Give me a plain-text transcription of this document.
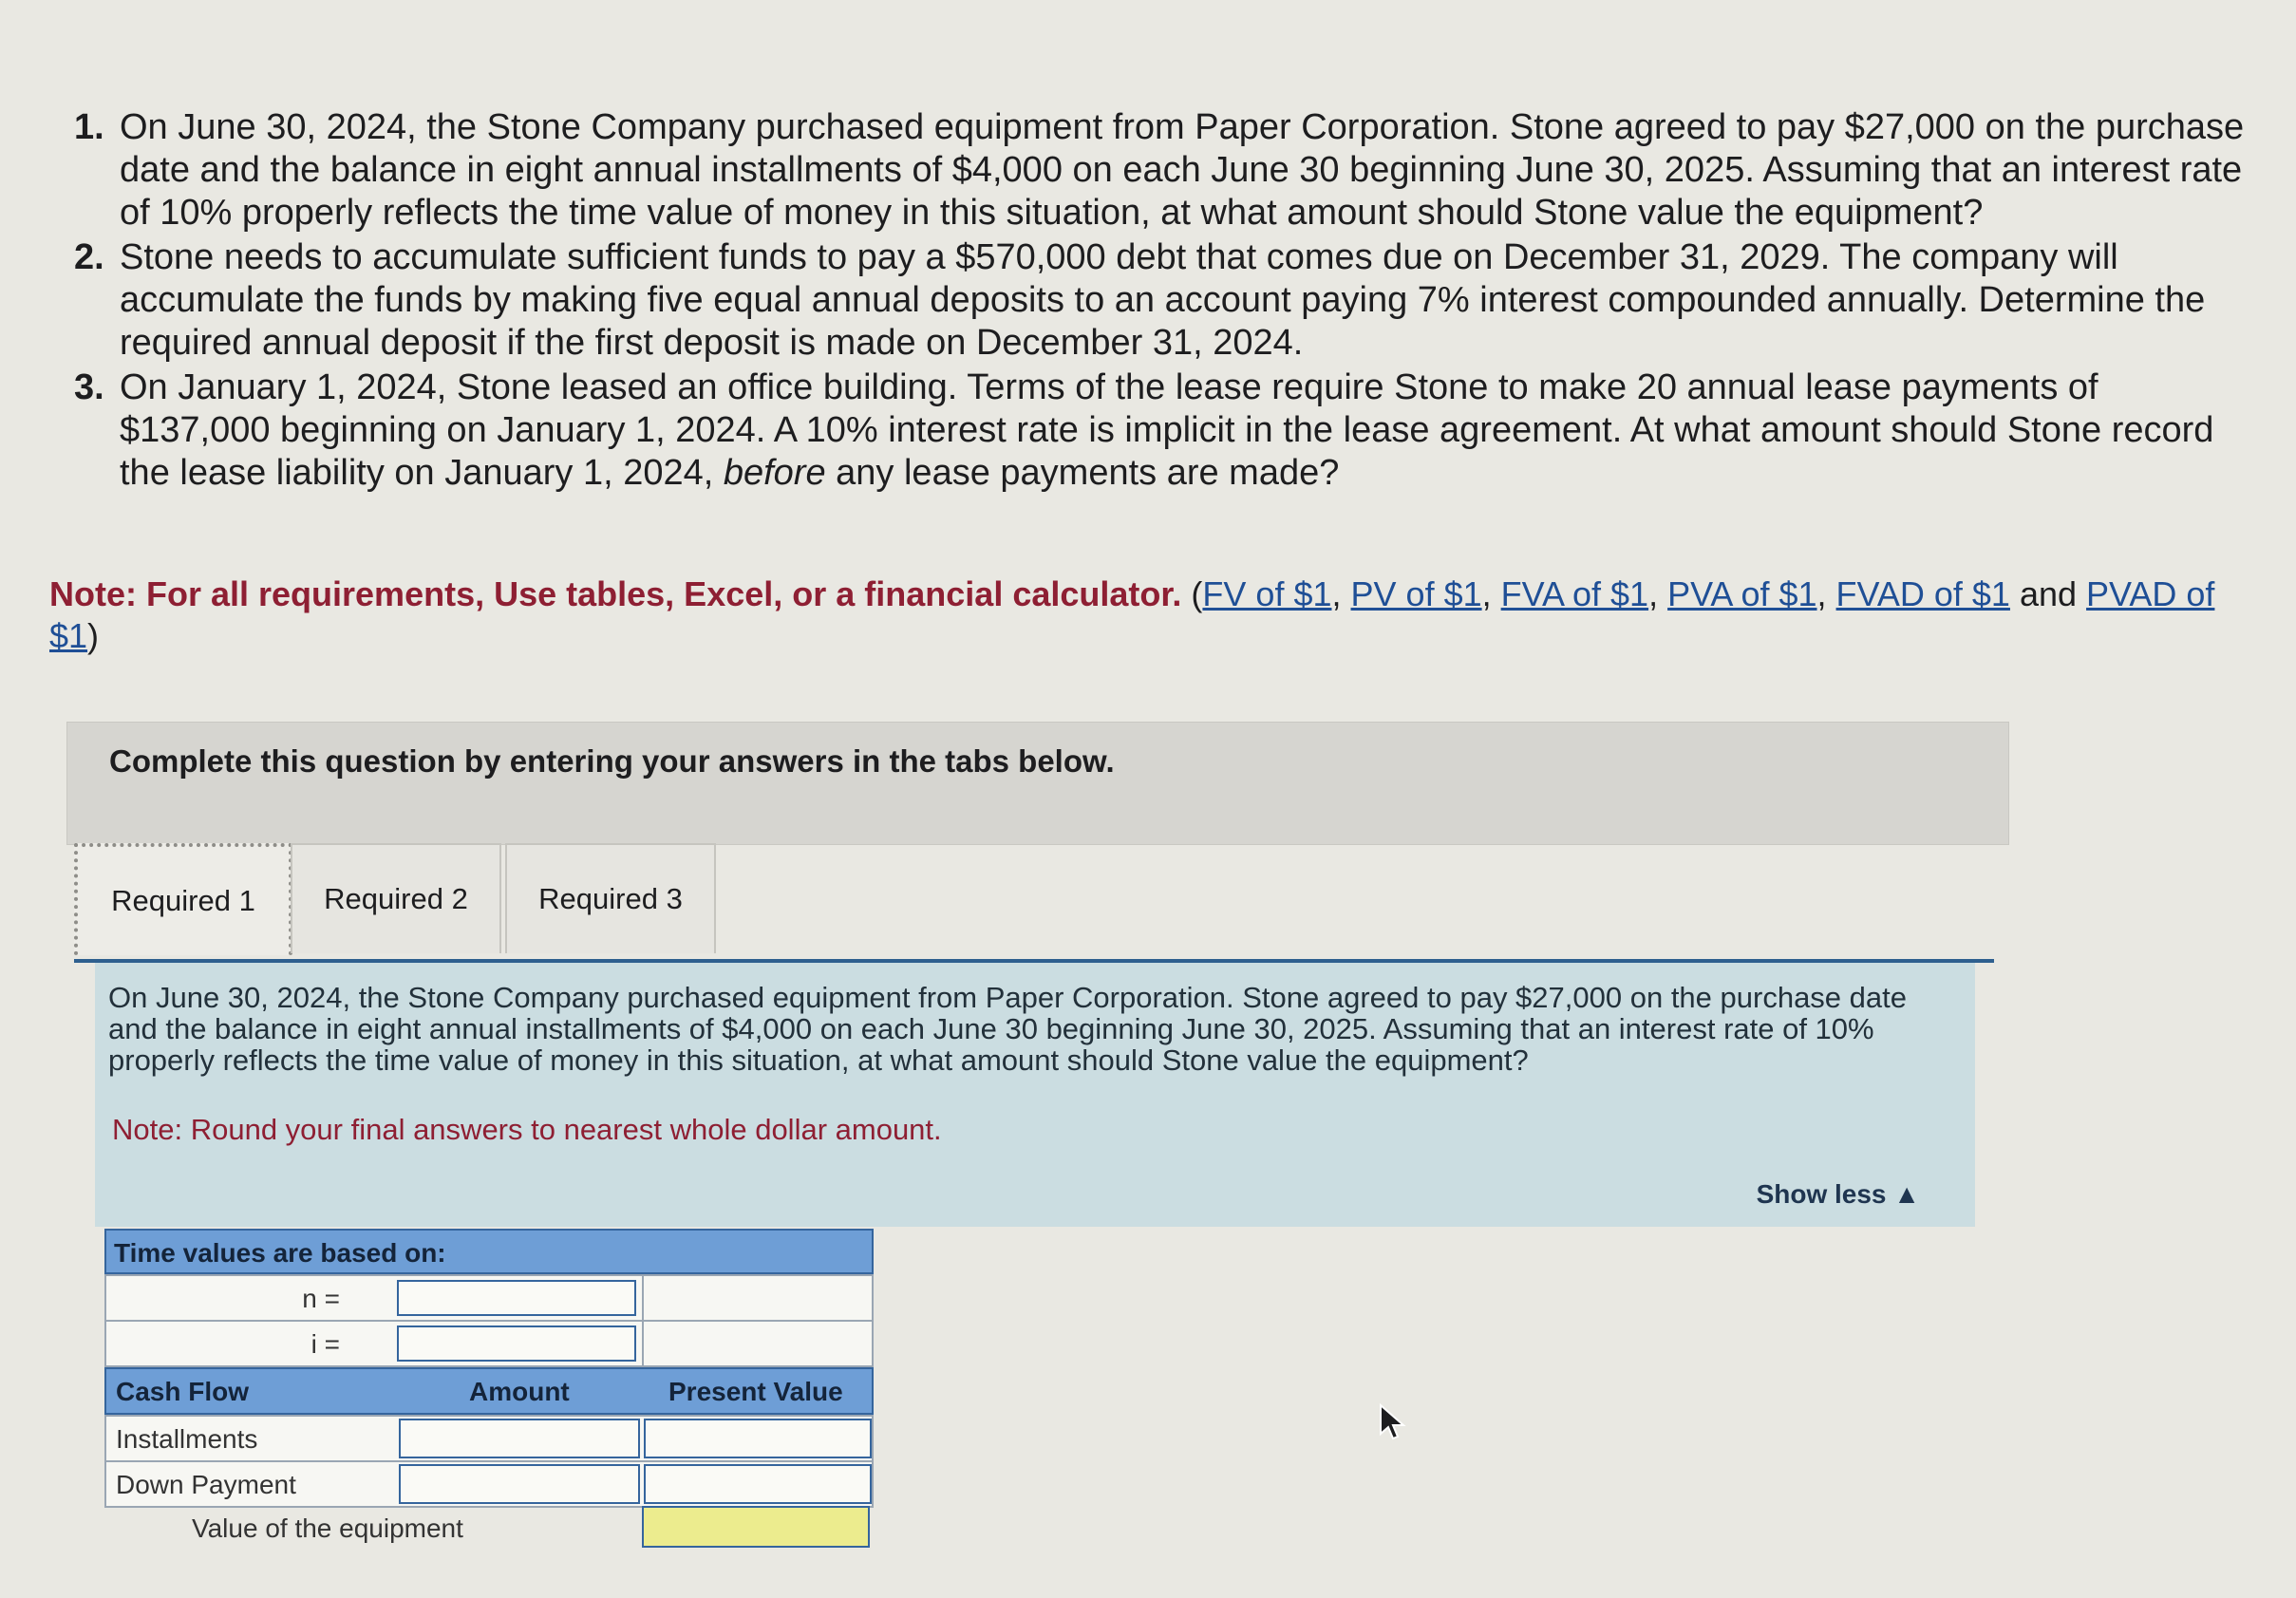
1. On June 30, 2024, the Stone Company purchased equipment from Paper Corporation. Stone agreed to pay $27,000 on the purchase date and the balance in eight annual installments of $4,000 on each June 30 beginning June 30, 2025. Assuming that an interest rate of 10% properly reflects the time value of money in this situation, at what amount should Stone value the equipment?
2. Stone needs to accumulate sufficient funds to pay a $570,000 debt that comes due on December 31, 2029. The company will accumulate the funds by making five equal annual deposits to an account paying 7% interest compounded annually. Determine the required annual deposit if the first deposit is made on December 31, 2024.
3. On January 1, 2024, Stone leased an office building. Terms of the lease require Stone to make 20 annual lease payments of $137,000 beginning on January 1, 2024. A 10% interest rate is implicit in the lease agreement. At what amount should Stone record the lease liability on January 1, 2024, before any lease payments are made?
Note: For all requirements, Use tables, Excel, or a financial calculator. (FV of $1, PV of $1, FVA of $1, PVA of $1, FVAD of $1 and PVAD of $1)
Complete this question by entering your answers in the tabs below.
Required 1	Required 2	Required 3
On June 30, 2024, the Stone Company purchased equipment from Paper Corporation. Stone agreed to pay $27,000 on the purchase date and the balance in eight annual installments of $4,000 on each June 30 beginning June 30, 2025. Assuming that an interest rate of 10% properly reflects the time value of money in this situation, at what amount should Stone value the equipment?
Note: Round your final answers to nearest whole dollar amount.
Show less ▲
Time values are based on:
n =
i =
Cash Flow	Amount	Present Value
Installments
Down Payment
Value of the equipment
